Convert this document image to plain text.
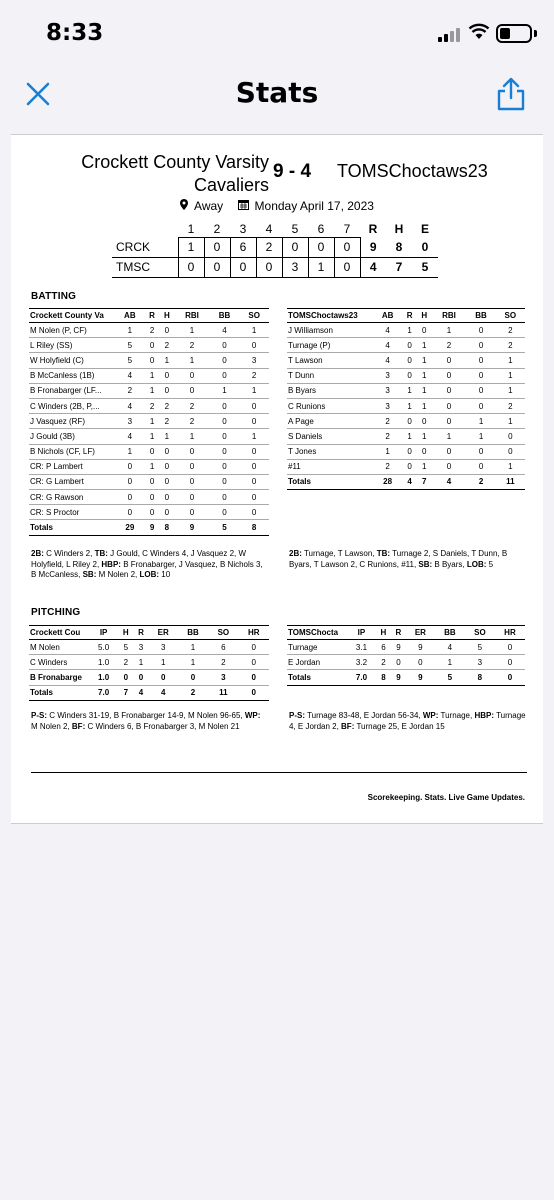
8:33
Stats
Crockett County Varsity
Cavaliers
9 - 4 TOMSChoctaws23
Away	Monday April 17, 2023
	1	2	3	4	5	6	7	R	H	E
CRCK	1	0	6	2	0	0	0	9	8	0
TMSC	0	0	0	0	3	1	0	4	7	5
BATTING
Crockett County Va	AB	R	H	RBI	BB	SO
M Nolen (P, CF)	1	2	0	1	4	1
L Riley (SS)	5	0	2	2	0	0
W Holyfield (C)	5	0	1	1	0	3
B McCanless (1B)	4	1	0	0	0	2
B Fronabarger (LF...	2	1	0	0	1	1
C Winders (2B, P,...	4	2	2	2	0	0
J Vasquez (RF)	3	1	2	2	0	0
J Gould (3B)	4	1	1	1	0	1
B Nichols (CF, LF)	1	0	0	0	0	0
CR: P Lambert	0	1	0	0	0	0
CR: G Lambert	0	0	0	0	0	0
CR: G Rawson	0	0	0	0	0	0
CR: S Proctor	0	0	0	0	0	0
Totals	29	9	8	9	5	8
TOMSChoctaws23	AB	R	H	RBI	BB	SO
J Williamson	4	1	0	1	0	2
Turnage (P)	4	0	1	2	0	2
T Lawson	4	0	1	0	0	1
T Dunn	3	0	1	0	0	1
B Byars	3	1	1	0	0	1
C Runions	3	1	1	0	0	2
A Page	2	0	0	0	1	1
S Daniels	2	1	1	1	1	0
T Jones	1	0	0	0	0	0
#11	2	0	1	0	0	1
Totals	28	4	7	4	2	11
2B: C Winders 2, TB: J Gould, C Winders 4, J Vasquez 2, W Holyfield, L Riley 2, HBP: B Fronabarger, J Vasquez, B Nichols 3, B McCanless, SB: M Nolen 2, LOB: 10
2B: Turnage, T Lawson, TB: Turnage 2, S Daniels, T Dunn, B Byars, T Lawson 2, C Runions, #11, SB: B Byars, LOB: 5
PITCHING
Crockett Cou	IP	H	R	ER	BB	SO	HR
M Nolen	5.0	5	3	3	1	6	0
C Winders	1.0	2	1	1	1	2	0
B Fronabarge	1.0	0	0	0	0	3	0
Totals	7.0	7	4	4	2	11	0
TOMSChocta	IP	H	R	ER	BB	SO	HR
Turnage	3.1	6	9	9	4	5	0
E Jordan	3.2	2	0	0	1	3	0
Totals	7.0	8	9	9	5	8	0
P-S: C Winders 31-19, B Fronabarger 14-9, M Nolen 96-65, WP: M Nolen 2, BF: C Winders 6, B Fronabarger 3, M Nolen 21
P-S: Turnage 83-48, E Jordan 56-34, WP: Turnage, HBP: Turnage 4, E Jordan 2, BF: Turnage 25, E Jordan 15
Scorekeeping. Stats. Live Game Updates.
